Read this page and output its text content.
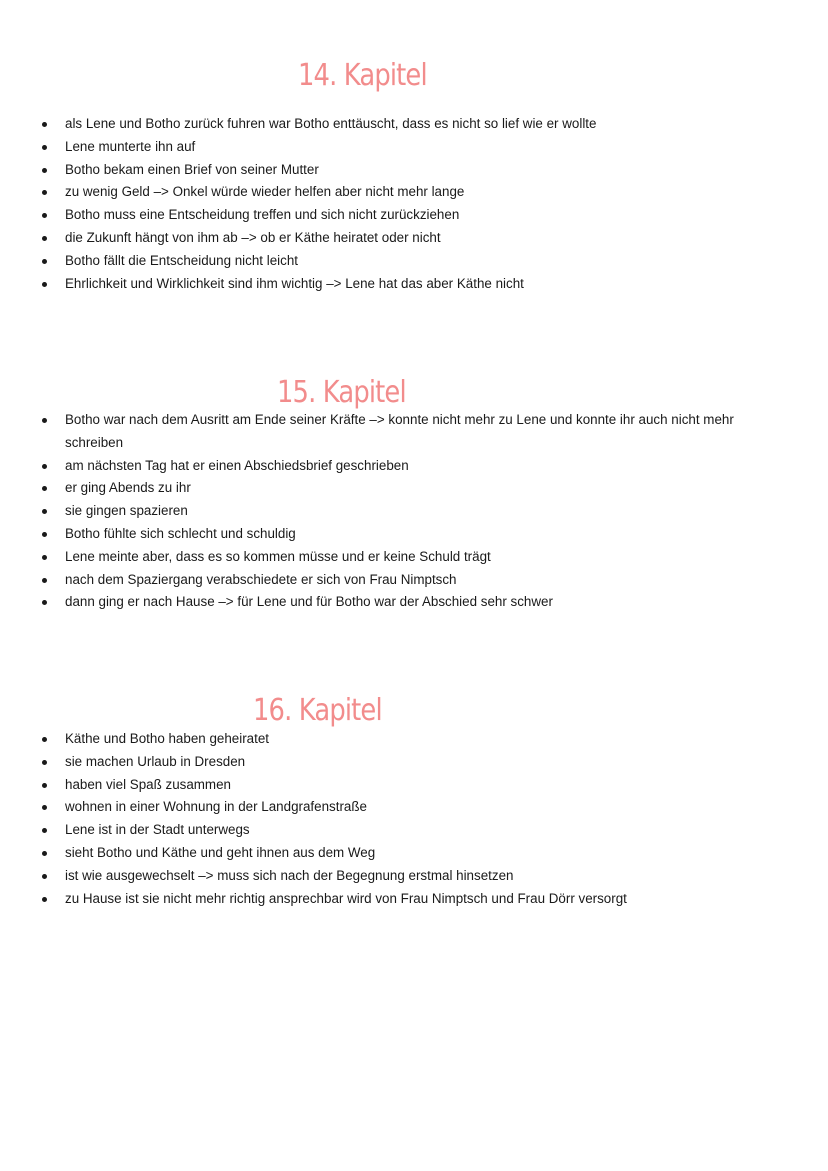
14. Kapitel
als Lene und Botho zurück fuhren war Botho enttäuscht, dass es nicht so lief wie er wollte
Lene munterte ihn auf
Botho bekam einen Brief von seiner Mutter
zu wenig Geld –> Onkel würde wieder helfen aber nicht mehr lange
Botho muss eine Entscheidung treffen und sich nicht zurückziehen
die Zukunft hängt von ihm ab –> ob er Käthe heiratet oder nicht
Botho fällt die Entscheidung nicht leicht
Ehrlichkeit und Wirklichkeit sind ihm wichtig –> Lene hat das aber Käthe nicht
15. Kapitel
Botho war nach dem Ausritt am Ende seiner Kräfte –> konnte nicht mehr zu Lene und konnte ihr auch nicht mehr schreiben
am nächsten Tag hat er einen Abschiedsbrief geschrieben
er ging Abends zu ihr
sie gingen spazieren
Botho fühlte sich schlecht und schuldig
Lene meinte aber, dass es so kommen müsse und er keine Schuld trägt
nach dem Spaziergang verabschiedete er sich von Frau Nimptsch
dann ging er nach Hause –> für Lene und für Botho war der Abschied sehr schwer
16. Kapitel
Käthe und Botho haben geheiratet
sie machen Urlaub in Dresden
haben viel Spaß zusammen
wohnen in einer Wohnung in der Landgrafenstraße
Lene ist in der Stadt unterwegs
sieht Botho und Käthe und geht ihnen aus dem Weg
ist wie ausgewechselt –> muss sich nach der Begegnung erstmal hinsetzen
zu Hause ist sie nicht mehr richtig ansprechbar wird von Frau Nimptsch und Frau Dörr versorgt
